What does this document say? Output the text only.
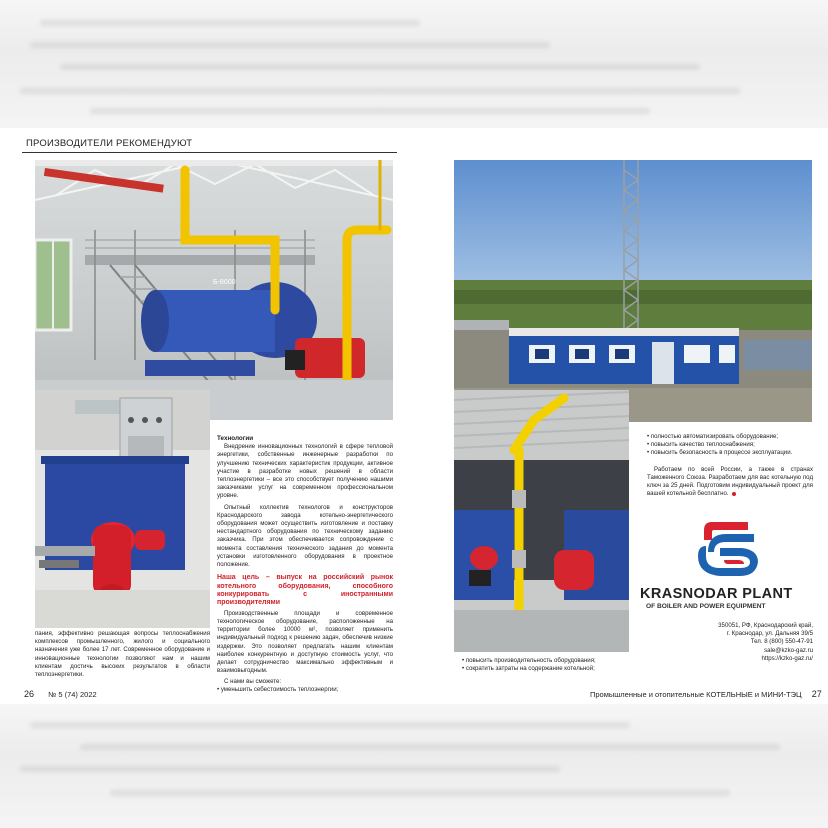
ПРОИЗВОДИТЕЛИ РЕКОМЕНДУЮТ
Б-8000

пания, эффективно решающая вопросы теплоснабжения комплексов промышленного, жилого и социального назначения уже более 17 лет. Современное оборудование и инновационные технологии позволяют нам и нашим клиентам достичь высоких результатов в области теплоэнергетики.

Технологии

Внедрение инновационных технологий в сфере тепловой энергетики, собственные инженерные разработки по улучшению технических характеристик продукции, активное участие в разработке новых решений в области теплоэнергетики – все это способствует получению нашими заказчиками услуг на современном профессиональном уровне.

Опытный коллектив технологов и конструкторов Краснодарского завода котельно-энергетического оборудования может осуществить изготовление и поставку нестандартного оборудования по техническому заданию заказчика. При этом обеспечивается сопровождение с момента составления технического задания до момента установки изготовленного оборудования в проектное положение.

Наша цель – выпуск на российский рынок котельного оборудования, способного конкурировать с иностранными производителями

Производственные площади и современное технологическое оборудование, расположенные на территории более 10000 м², позволяет применить индивидуальный подход к решению задач, обеспечив низкие издержки. Это позволяет предлагать нашим клиентам наиболее конкурентную и доступную стоимость услуг, что делает сотрудничество максимально эффективным и взаимовыгодным.

С нами вы сможете:

• уменьшить себестоимость теплоэнергии;

26 № 5 (74) 2022

• полностью автоматизировать оборудование;

• повысить качество теплоснабжения;

• повысить безопасность в процессе эксплуатации.

Работаем по всей России, а также в странах Таможенного Союза. Разработаем для вас котельную под ключ за 25 дней. Подготовим индивидуальный проект для вашей котельной бесплатно.

KRASNODAR PLANT
OF BOILER AND POWER EQUIPMENT
350051, РФ, Краснодарский край,
г. Краснодар, ул. Дальняя 39/5
Тел. 8 (800) 550-47-91
sale@kzko-gaz.ru
https://kzko-gaz.ru/

• повысить производительность оборудования;

• сократить затраты на содержание котельной;

Промышленные и отопительные КОТЕЛЬНЫЕ и МИНИ-ТЭЦ 27
